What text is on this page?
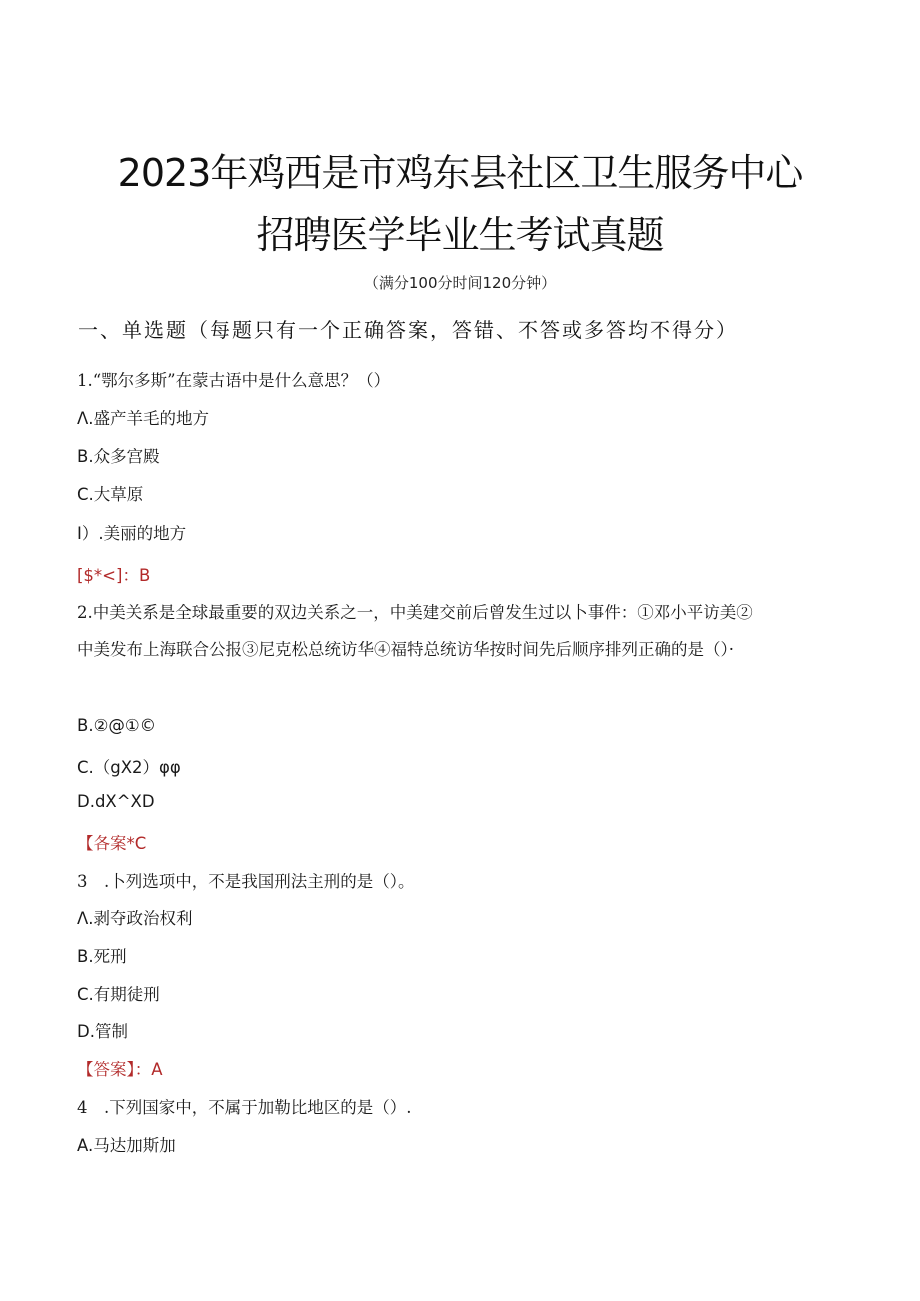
2023年鸡西是市鸡东县社区卫生服务中心
招聘医学毕业生考试真题
（满分100分时间120分钟）
一、单选题（每题只有一个正确答案，答错、不答或多答均不得分）
1.“鄂尔多斯”在蒙古语中是什么意思？（）
Λ.盛产羊毛的地方
B.众多宫殿
C.大草原
I）.美丽的地方
[$*<]：B
2.中美关系是全球最重要的双边关系之一，中美建交前后曾发生过以卜事件：①邓小平访美②
中美发布上海联合公报③尼克松总统访华④福特总统访华按时间先后顺序排列正确的是（）·
B.②@①©
C.（gX2）φφ
D.dX^XD
【各案*C
3　.卜列选项中，不是我国刑法主刑的是（）。
Λ.剥夺政治权利
B.死刑
C.有期徒刑
D.管制
【答案】：A
4　.下列国家中，不属于加勒比地区的是（）.
A.马达加斯加
